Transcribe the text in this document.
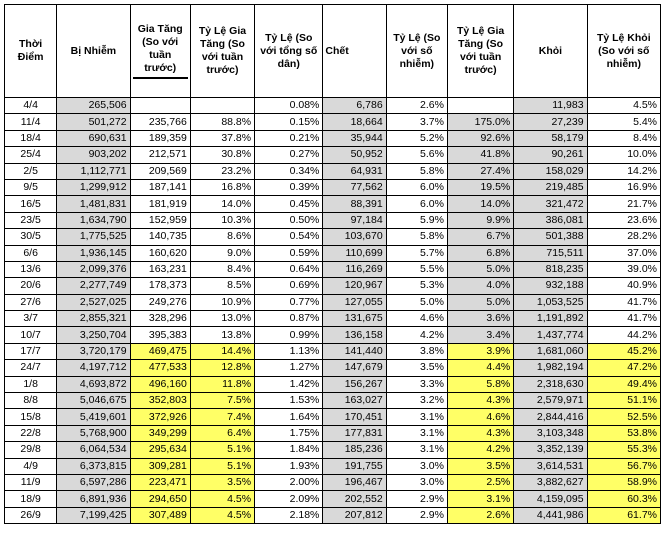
Thời Điểm	Bị Nhiễm	Gia Tăng (So với tuần trước)	Tỷ Lệ Gia Tăng (So với tuần trước)	Tỷ Lệ (So với tổng số dân)	Chết	Tỷ Lệ (So với số nhiễm)	Tỷ Lệ Gia Tăng (So với tuần trước)	Khỏi	Tỷ Lệ Khỏi (So với số nhiễm)
4/4	265,506			0.08%	6,786	2.6%		11,983	4.5%
11/4	501,272	235,766	88.8%	0.15%	18,664	3.7%	175.0%	27,239	5.4%
18/4	690,631	189,359	37.8%	0.21%	35,944	5.2%	92.6%	58,179	8.4%
25/4	903,202	212,571	30.8%	0.27%	50,952	5.6%	41.8%	90,261	10.0%
2/5	1,112,771	209,569	23.2%	0.34%	64,931	5.8%	27.4%	158,029	14.2%
9/5	1,299,912	187,141	16.8%	0.39%	77,562	6.0%	19.5%	219,485	16.9%
16/5	1,481,831	181,919	14.0%	0.45%	88,391	6.0%	14.0%	321,472	21.7%
23/5	1,634,790	152,959	10.3%	0.50%	97,184	5.9%	9.9%	386,081	23.6%
30/5	1,775,525	140,735	8.6%	0.54%	103,670	5.8%	6.7%	501,388	28.2%
6/6	1,936,145	160,620	9.0%	0.59%	110,699	5.7%	6.8%	715,511	37.0%
13/6	2,099,376	163,231	8.4%	0.64%	116,269	5.5%	5.0%	818,235	39.0%
20/6	2,277,749	178,373	8.5%	0.69%	120,967	5.3%	4.0%	932,188	40.9%
27/6	2,527,025	249,276	10.9%	0.77%	127,055	5.0%	5.0%	1,053,525	41.7%
3/7	2,855,321	328,296	13.0%	0.87%	131,675	4.6%	3.6%	1,191,892	41.7%
10/7	3,250,704	395,383	13.8%	0.99%	136,158	4.2%	3.4%	1,437,774	44.2%
17/7	3,720,179	469,475	14.4%	1.13%	141,440	3.8%	3.9%	1,681,060	45.2%
24/7	4,197,712	477,533	12.8%	1.27%	147,679	3.5%	4.4%	1,982,194	47.2%
1/8	4,693,872	496,160	11.8%	1.42%	156,267	3.3%	5.8%	2,318,630	49.4%
8/8	5,046,675	352,803	7.5%	1.53%	163,027	3.2%	4.3%	2,579,971	51.1%
15/8	5,419,601	372,926	7.4%	1.64%	170,451	3.1%	4.6%	2,844,416	52.5%
22/8	5,768,900	349,299	6.4%	1.75%	177,831	3.1%	4.3%	3,103,348	53.8%
29/8	6,064,534	295,634	5.1%	1.84%	185,236	3.1%	4.2%	3,352,139	55.3%
4/9	6,373,815	309,281	5.1%	1.93%	191,755	3.0%	3.5%	3,614,531	56.7%
11/9	6,597,286	223,471	3.5%	2.00%	196,467	3.0%	2.5%	3,882,627	58.9%
18/9	6,891,936	294,650	4.5%	2.09%	202,552	2.9%	3.1%	4,159,095	60.3%
26/9	7,199,425	307,489	4.5%	2.18%	207,812	2.9%	2.6%	4,441,986	61.7%
